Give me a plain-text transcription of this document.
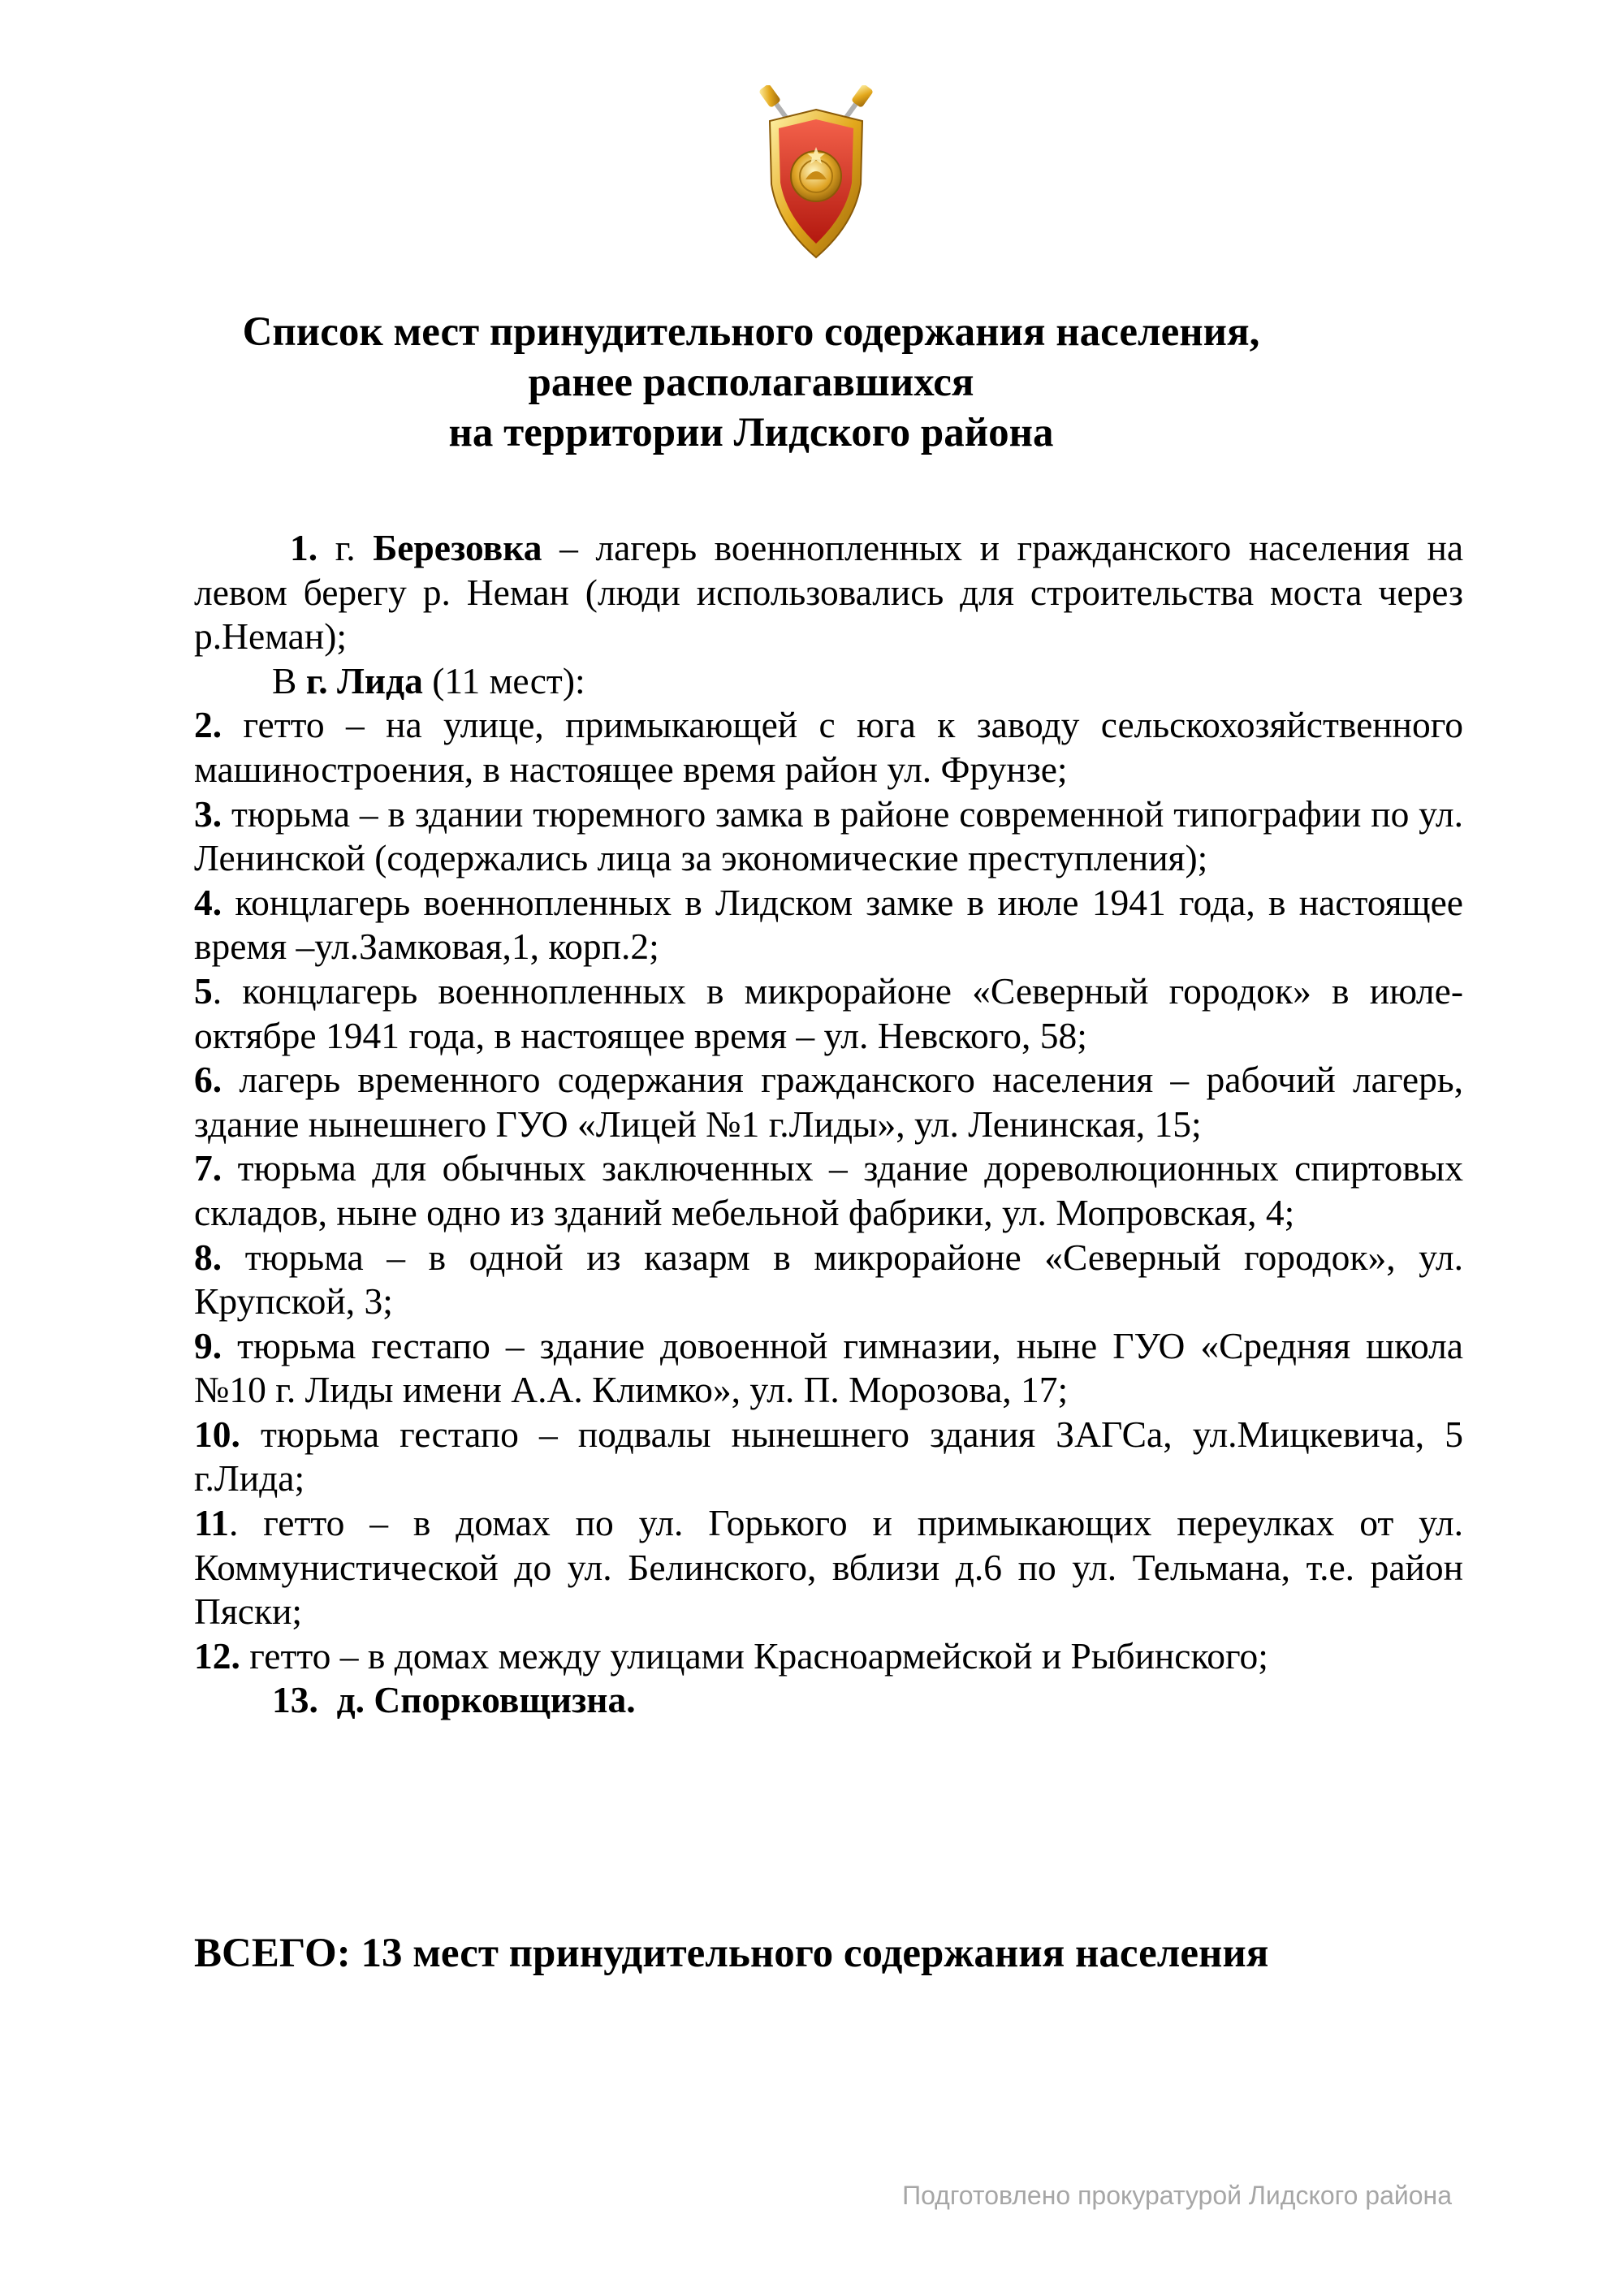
Список мест принудительного содержания населения,
ранее располагавшихся
на территории Лидского района

1. г. Березовка – лагерь военнопленных и гражданского населения на левом берегу р. Неман (люди использовались для строительства моста через р.Неман);

В г. Лида (11 мест):

2. гетто – на улице, примыкающей с юга к заводу сельскохозяйственного машиностроения, в настоящее время район ул. Фрунзе;

3. тюрьма – в здании тюремного замка в районе современной типографии по ул. Ленинской (содержались лица за экономические преступления);

4. концлагерь военнопленных в Лидском замке в июле 1941 года, в настоящее время –ул.Замковая,1, корп.2;

5. концлагерь военнопленных в микрорайоне «Северный городок» в июле-октябре 1941 года, в настоящее время – ул. Невского, 58;

6. лагерь временного содержания гражданского населения – рабочий лагерь, здание нынешнего ГУО «Лицей №1 г.Лиды», ул. Ленинская, 15;

7. тюрьма для обычных заключенных – здание дореволюционных спиртовых складов, ныне одно из зданий мебельной фабрики, ул. Мопровская, 4;

8. тюрьма – в одной из казарм в микрорайоне «Северный городок», ул. Крупской, 3;

9. тюрьма гестапо – здание довоенной гимназии, ныне ГУО «Средняя школа №10 г. Лиды имени А.А. Климко», ул. П. Морозова, 17;

10. тюрьма гестапо – подвалы нынешнего здания ЗАГСа, ул.Мицкевича, 5 г.Лида;

11. гетто – в домах по ул. Горького и примыкающих переулках от ул. Коммунистической до ул. Белинского, вблизи д.6 по ул. Тельмана, т.е. район Пяски;

12. гетто – в домах между улицами Красноармейской и Рыбинского;

13. д. Спорковщизна.

ВСЕГО: 13 мест принудительного содержания населения
Подготовлено прокуратурой Лидского района
